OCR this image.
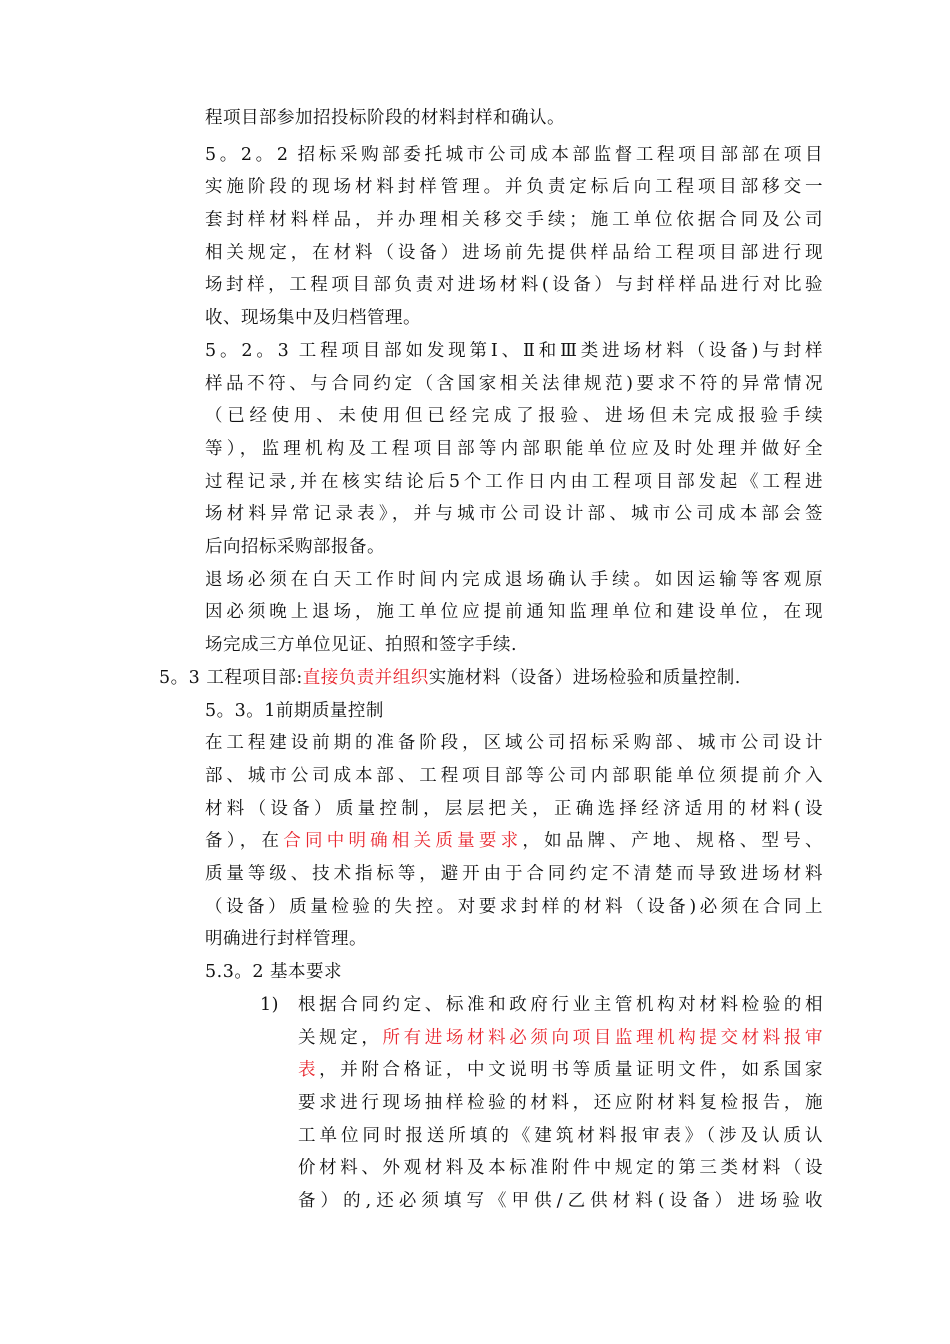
程项目部参加招投标阶段的材料封样和确认。
5。2。2 招标采购部委托城市公司成本部监督工程项目部部在项目
实施阶段的现场材料封样管理。并负责定标后向工程项目部移交一
套封样材料样品，并办理相关移交手续；施工单位依据合同及公司
相关规定，在材料（设备）进场前先提供样品给工程项目部进行现
场封样，工程项目部负责对进场材料(设备）与封样样品进行对比验
收、现场集中及归档管理。
5。2。3 工程项目部如发现第Ⅰ、Ⅱ和Ⅲ类进场材料（设备)与封样
样品不符、与合同约定（含国家相关法律规范)要求不符的异常情况
（已经使用、未使用但已经完成了报验、进场但未完成报验手续
等），监理机构及工程项目部等内部职能单位应及时处理并做好全
过程记录,并在核实结论后5个工作日内由工程项目部发起《工程进
场材料异常记录表》，并与城市公司设计部、城市公司成本部会签
后向招标采购部报备。
退场必须在白天工作时间内完成退场确认手续。如因运输等客观原
因必须晚上退场，施工单位应提前通知监理单位和建设单位，在现
场完成三方单位见证、拍照和签字手续.
5。3 工程项目部:直接负责并组织实施材料（设备）进场检验和质量控制.
5。3。1前期质量控制
在工程建设前期的准备阶段，区域公司招标采购部、城市公司设计
部、城市公司成本部、工程项目部等公司内部职能单位须提前介入
材料（设备）质量控制，层层把关，正确选择经济适用的材料(设
备），在合同中明确相关质量要求，如品牌、产地、规格、型号、
质量等级、技术指标等，避开由于合同约定不清楚而导致进场材料
（设备）质量检验的失控。对要求封样的材料（设备)必须在合同上
明确进行封样管理。
5.3。2 基本要求
1) 根据合同约定、标准和政府行业主管机构对材料检验的相
关规定，所有进场材料必须向项目监理机构提交材料报审
表，并附合格证，中文说明书等质量证明文件，如系国家
要求进行现场抽样检验的材料，还应附材料复检报告，施
工单位同时报送所填的《建筑材料报审表》（涉及认质认
价材料、外观材料及本标准附件中规定的第三类材料（设
备）的,还必须填写《甲供/乙供材料(设备）进场验收
